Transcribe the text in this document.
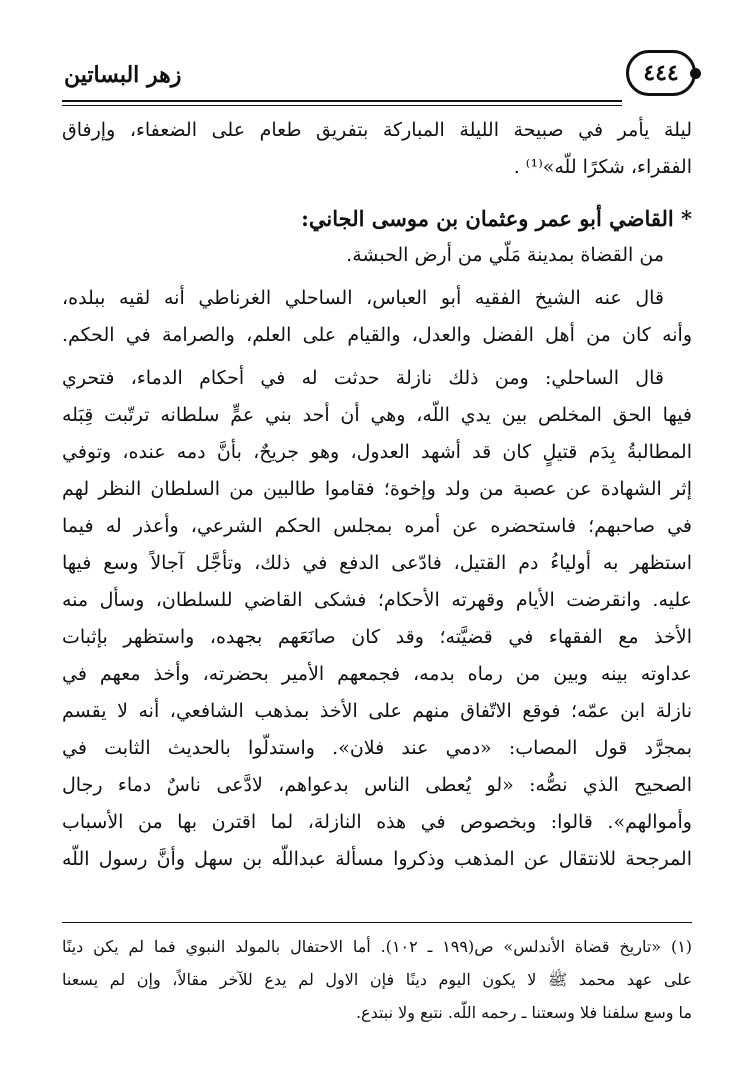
٤٤٤
زهر البساتين
ليلة يأمر في صبيحة الليلة المباركة بتفريق طعام على الضعفاء، وإرفاق
الفقراء، شكرًا للّه»⁽¹⁾ .
* القاضي أبو عمر وعثمان بن موسى الجاني:
من القضاة بمدينة مَلّي من أرض الحبشة.
قال عنه الشيخ الفقيه أبو العباس، الساحلي الغرناطي أنه لقيه ببلده،
وأنه كان من أهل الفضل والعدل، والقيام على العلم، والصرامة في الحكم.
قال الساحلي: ومن ذلك نازلة حدثت له في أحكام الدماء، فتحري
فيها الحق المخلص بين يدي اللّه، وهي أن أحد بني عمٍّ سلطانه ترتّبت قِبَله
المطالبةُ بِدَم قتيلٍ كان قد أشهد العدول، وهو جريحٌ، بأنَّ دمه عنده، وتوفي
إثر الشهادة عن عصبة من ولد وإخوة؛ فقاموا طالبين من السلطان النظر لهم
في صاحبهم؛ فاستحضره عن أمره بمجلس الحكم الشرعي، وأعذر له فيما
استظهر به أولياءُ دم القتيل، فادّعى الدفع في ذلك، وتأجَّل آجالاً وسع فيها
عليه. وانقرضت الأيام وقهرته الأحكام؛ فشكى القاضي للسلطان، وسأل منه
الأخذ مع الفقهاء في قضيَّته؛ وقد كان صانَعَهم بجهده، واستظهر بإثبات
عداوته بينه وبين من رماه بدمه، فجمعهم الأمير بحضرته، وأخذ معهم في
نازلة ابن عمّه؛ فوقع الاتّفاق منهم على الأخذ بمذهب الشافعي، أنه لا يقسم
بمجرَّد قول المصاب: «دمي عند فلان». واستدلّوا بالحديث الثابت في
الصحيح الذي نصُّه: «لو يُعطى الناس بدعواهم، لادَّعى ناسٌ دماء رجال
وأموالهم». قالوا: وبخصوص في هذه النازلة، لما اقترن بها من الأسباب
المرجحة للانتقال عن المذهب وذكروا مسألة عبداللّه بن سهل وأنَّ رسول اللّه
(١) «تاريخ قضاة الأندلس» ص(١٩٩ ـ ١٠٢). أما الاحتفال بالمولد النبوي فما لم يكن دينًا
على عهد محمد ﷺ لا يكون اليوم دينًا فإن الاول لم يدع للآخر مقالاً، وإن لم يسعنا
ما وسع سلفنا فلا وسعتنا ـ رحمه اللّه. نتبع ولا نبتدع.
